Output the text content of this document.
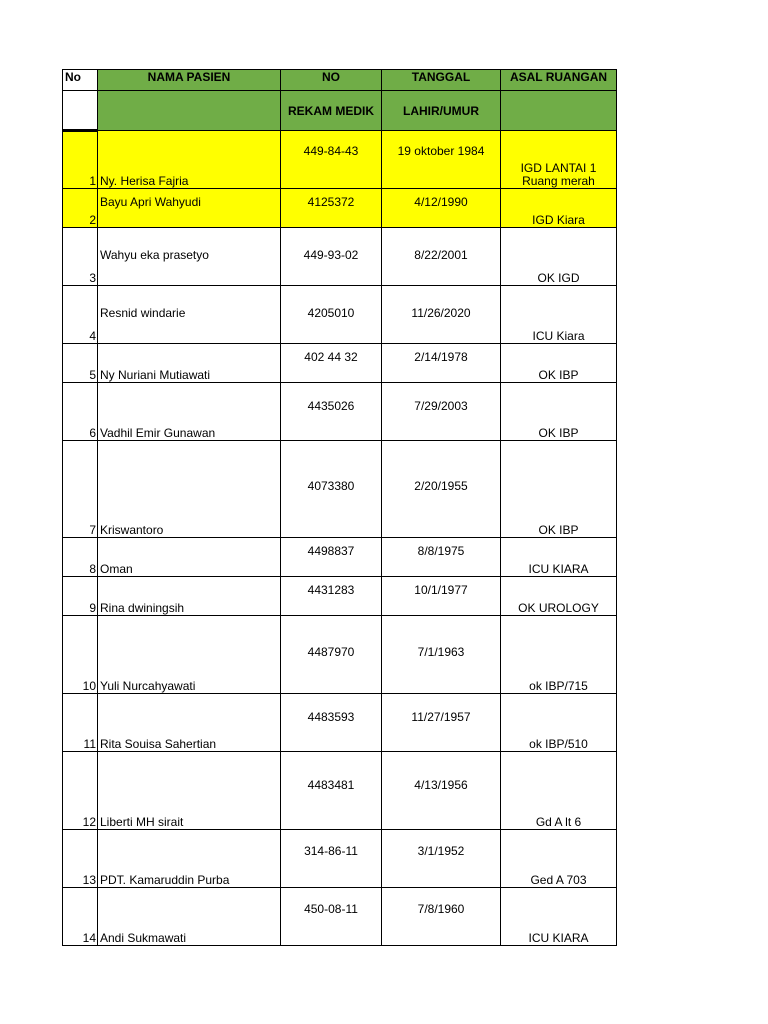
No	NAMA PASIEN	NO	TANGGAL	ASAL RUANGAN
		REKAM MEDIK	LAHIR/UMUR	
1	Ny. Herisa Fajria	449-84-43	19 oktober 1984	IGD LANTAI 1
Ruang merah
2	Bayu Apri Wahyudi	4125372	4/12/1990	IGD Kiara
3	Wahyu eka prasetyo	449-93-02	8/22/2001	OK IGD
4	Resnid windarie	4205010	11/26/2020	ICU Kiara
5	Ny Nuriani Mutiawati	402 44 32	2/14/1978	OK IBP
6	Vadhil Emir Gunawan	4435026	7/29/2003	OK IBP
7	Kriswantoro	4073380	2/20/1955	OK IBP
8	Oman	4498837	8/8/1975	ICU KIARA
9	Rina dwiningsih	4431283	10/1/1977	OK UROLOGY
10	Yuli Nurcahyawati	4487970	7/1/1963	ok IBP/715
11	Rita Souisa Sahertian	4483593	11/27/1957	ok IBP/510
12	Liberti MH sirait	4483481	4/13/1956	Gd A lt 6
13	PDT. Kamaruddin Purba	314-86-11	3/1/1952	Ged A 703
14	Andi Sukmawati	450-08-11	7/8/1960	ICU KIARA
